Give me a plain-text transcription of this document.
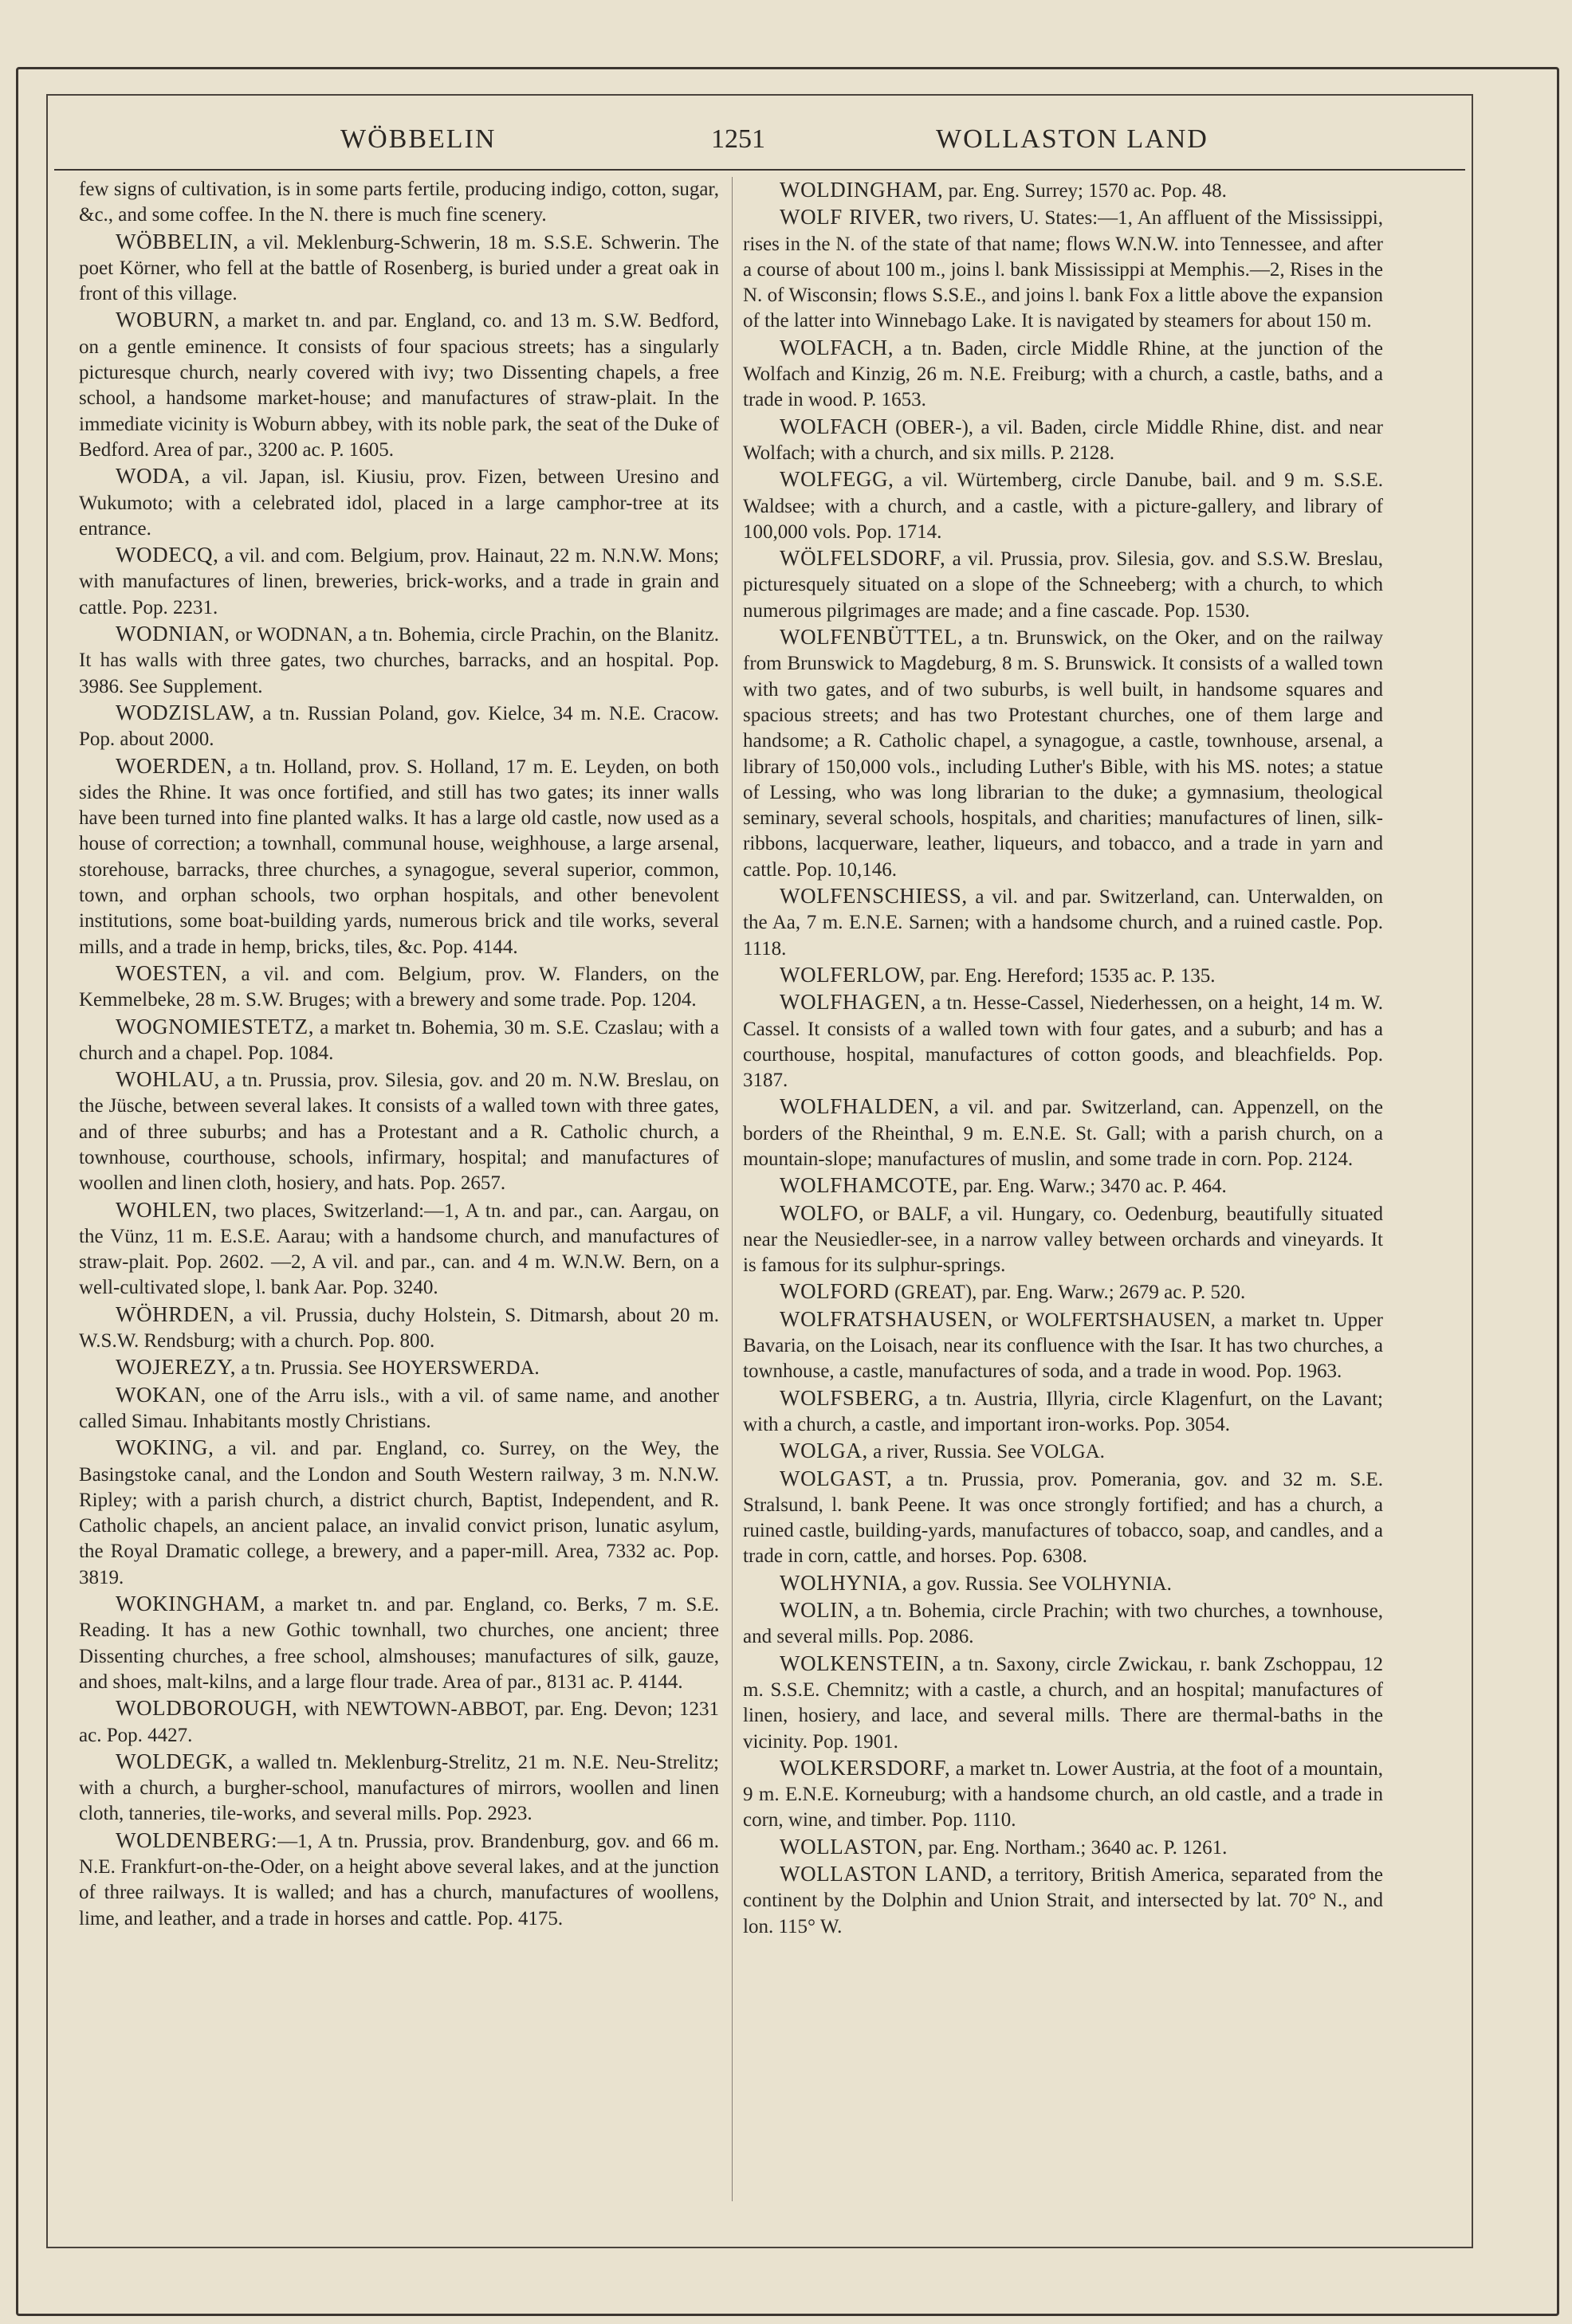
WÖBBELIN	1251	WOLLASTON LAND

few signs of cultivation, is in some parts fertile, producing indigo, cotton, sugar, &c., and some coffee. In the N. there is much fine scenery.

WÖBBELIN, a vil. Meklenburg-Schwerin, 18 m. S.S.E. Schwerin. The poet Körner, who fell at the battle of Rosenberg, is buried under a great oak in front of this village.

WOBURN, a market tn. and par. England, co. and 13 m. S.W. Bedford, on a gentle eminence. It consists of four spacious streets; has a singularly picturesque church, nearly covered with ivy; two Dissenting chapels, a free school, a handsome market-house; and manufactures of straw-plait. In the immediate vicinity is Woburn abbey, with its noble park, the seat of the Duke of Bedford. Area of par., 3200 ac. P. 1605.

WODA, a vil. Japan, isl. Kiusiu, prov. Fizen, between Uresino and Wukumoto; with a celebrated idol, placed in a large camphor-tree at its entrance.

WODECQ, a vil. and com. Belgium, prov. Hainaut, 22 m. N.N.W. Mons; with manufactures of linen, breweries, brick-works, and a trade in grain and cattle. Pop. 2231.

WODNIAN, or WODNAN, a tn. Bohemia, circle Prachin, on the Blanitz. It has walls with three gates, two churches, barracks, and an hospital. Pop. 3986. See Supplement.

WODZISLAW, a tn. Russian Poland, gov. Kielce, 34 m. N.E. Cracow. Pop. about 2000.

WOERDEN, a tn. Holland, prov. S. Holland, 17 m. E. Leyden, on both sides the Rhine. It was once fortified, and still has two gates; its inner walls have been turned into fine planted walks. It has a large old castle, now used as a house of correction; a townhall, communal house, weighhouse, a large arsenal, storehouse, barracks, three churches, a synagogue, several superior, common, town, and orphan schools, two orphan hospitals, and other benevolent institutions, some boat-building yards, numerous brick and tile works, several mills, and a trade in hemp, bricks, tiles, &c. Pop. 4144.

WOESTEN, a vil. and com. Belgium, prov. W. Flanders, on the Kemmelbeke, 28 m. S.W. Bruges; with a brewery and some trade. Pop. 1204.

WOGNOMIESTETZ, a market tn. Bohemia, 30 m. S.E. Czaslau; with a church and a chapel. Pop. 1084.

WOHLAU, a tn. Prussia, prov. Silesia, gov. and 20 m. N.W. Breslau, on the Jüsche, between several lakes. It consists of a walled town with three gates, and of three suburbs; and has a Protestant and a R. Catholic church, a townhouse, courthouse, schools, infirmary, hospital; and manufactures of woollen and linen cloth, hosiery, and hats. Pop. 2657.

WOHLEN, two places, Switzerland:—1, A tn. and par., can. Aargau, on the Vünz, 11 m. E.S.E. Aarau; with a handsome church, and manufactures of straw-plait. Pop. 2602. —2, A vil. and par., can. and 4 m. W.N.W. Bern, on a well-cultivated slope, l. bank Aar. Pop. 3240.

WÖHRDEN, a vil. Prussia, duchy Holstein, S. Ditmarsh, about 20 m. W.S.W. Rendsburg; with a church. Pop. 800.

WOJEREZY, a tn. Prussia. See HOYERSWERDA.

WOKAN, one of the Arru isls., with a vil. of same name, and another called Simau. Inhabitants mostly Christians.

WOKING, a vil. and par. England, co. Surrey, on the Wey, the Basingstoke canal, and the London and South Western railway, 3 m. N.N.W. Ripley; with a parish church, a district church, Baptist, Independent, and R. Catholic chapels, an ancient palace, an invalid convict prison, lunatic asylum, the Royal Dramatic college, a brewery, and a paper-mill. Area, 7332 ac. Pop. 3819.

WOKINGHAM, a market tn. and par. England, co. Berks, 7 m. S.E. Reading. It has a new Gothic townhall, two churches, one ancient; three Dissenting churches, a free school, almshouses; manufactures of silk, gauze, and shoes, malt-kilns, and a large flour trade. Area of par., 8131 ac. P. 4144.

WOLDBOROUGH, with NEWTOWN-ABBOT, par. Eng. Devon; 1231 ac. Pop. 4427.

WOLDEGK, a walled tn. Meklenburg-Strelitz, 21 m. N.E. Neu-Strelitz; with a church, a burgher-school, manufactures of mirrors, woollen and linen cloth, tanneries, tile-works, and several mills. Pop. 2923.

WOLDENBERG:—1, A tn. Prussia, prov. Brandenburg, gov. and 66 m. N.E. Frankfurt-on-the-Oder, on a height above several lakes, and at the junction of three railways. It is walled; and has a church, manufactures of woollens, lime, and leather, and a trade in horses and cattle. Pop. 4175.

WOLDINGHAM, par. Eng. Surrey; 1570 ac. Pop. 48.

WOLF RIVER, two rivers, U. States:—1, An affluent of the Mississippi, rises in the N. of the state of that name; flows W.N.W. into Tennessee, and after a course of about 100 m., joins l. bank Mississippi at Memphis.—2, Rises in the N. of Wisconsin; flows S.S.E., and joins l. bank Fox a little above the expansion of the latter into Winnebago Lake. It is navigated by steamers for about 150 m.

WOLFACH, a tn. Baden, circle Middle Rhine, at the junction of the Wolfach and Kinzig, 26 m. N.E. Freiburg; with a church, a castle, baths, and a trade in wood. P. 1653.

WOLFACH (OBER-), a vil. Baden, circle Middle Rhine, dist. and near Wolfach; with a church, and six mills. P. 2128.

WOLFEGG, a vil. Würtemberg, circle Danube, bail. and 9 m. S.S.E. Waldsee; with a church, and a castle, with a picture-gallery, and library of 100,000 vols. Pop. 1714.

WÖLFELSDORF, a vil. Prussia, prov. Silesia, gov. and S.S.W. Breslau, picturesquely situated on a slope of the Schneeberg; with a church, to which numerous pilgrimages are made; and a fine cascade. Pop. 1530.

WOLFENBÜTTEL, a tn. Brunswick, on the Oker, and on the railway from Brunswick to Magdeburg, 8 m. S. Brunswick. It consists of a walled town with two gates, and of two suburbs, is well built, in handsome squares and spacious streets; and has two Protestant churches, one of them large and handsome; a R. Catholic chapel, a synagogue, a castle, townhouse, arsenal, a library of 150,000 vols., including Luther's Bible, with his MS. notes; a statue of Lessing, who was long librarian to the duke; a gymnasium, theological seminary, several schools, hospitals, and charities; manufactures of linen, silk-ribbons, lacquerware, leather, liqueurs, and tobacco, and a trade in yarn and cattle. Pop. 10,146.

WOLFENSCHIESS, a vil. and par. Switzerland, can. Unterwalden, on the Aa, 7 m. E.N.E. Sarnen; with a handsome church, and a ruined castle. Pop. 1118.

WOLFERLOW, par. Eng. Hereford; 1535 ac. P. 135.

WOLFHAGEN, a tn. Hesse-Cassel, Niederhessen, on a height, 14 m. W. Cassel. It consists of a walled town with four gates, and a suburb; and has a courthouse, hospital, manufactures of cotton goods, and bleachfields. Pop. 3187.

WOLFHALDEN, a vil. and par. Switzerland, can. Appenzell, on the borders of the Rheinthal, 9 m. E.N.E. St. Gall; with a parish church, on a mountain-slope; manufactures of muslin, and some trade in corn. Pop. 2124.

WOLFHAMCOTE, par. Eng. Warw.; 3470 ac. P. 464.

WOLFO, or BALF, a vil. Hungary, co. Oedenburg, beautifully situated near the Neusiedler-see, in a narrow valley between orchards and vineyards. It is famous for its sulphur-springs.

WOLFORD (GREAT), par. Eng. Warw.; 2679 ac. P. 520.

WOLFRATSHAUSEN, or WOLFERTSHAUSEN, a market tn. Upper Bavaria, on the Loisach, near its confluence with the Isar. It has two churches, a townhouse, a castle, manufactures of soda, and a trade in wood. Pop. 1963.

WOLFSBERG, a tn. Austria, Illyria, circle Klagenfurt, on the Lavant; with a church, a castle, and important iron-works. Pop. 3054.

WOLGA, a river, Russia. See VOLGA.

WOLGAST, a tn. Prussia, prov. Pomerania, gov. and 32 m. S.E. Stralsund, l. bank Peene. It was once strongly fortified; and has a church, a ruined castle, building-yards, manufactures of tobacco, soap, and candles, and a trade in corn, cattle, and horses. Pop. 6308.

WOLHYNIA, a gov. Russia. See VOLHYNIA.

WOLIN, a tn. Bohemia, circle Prachin; with two churches, a townhouse, and several mills. Pop. 2086.

WOLKENSTEIN, a tn. Saxony, circle Zwickau, r. bank Zschoppau, 12 m. S.S.E. Chemnitz; with a castle, a church, and an hospital; manufactures of linen, hosiery, and lace, and several mills. There are thermal-baths in the vicinity. Pop. 1901.

WOLKERSDORF, a market tn. Lower Austria, at the foot of a mountain, 9 m. E.N.E. Korneuburg; with a handsome church, an old castle, and a trade in corn, wine, and timber. Pop. 1110.

WOLLASTON, par. Eng. Northam.; 3640 ac. P. 1261.

WOLLASTON LAND, a territory, British America, separated from the continent by the Dolphin and Union Strait, and intersected by lat. 70° N., and lon. 115° W.
